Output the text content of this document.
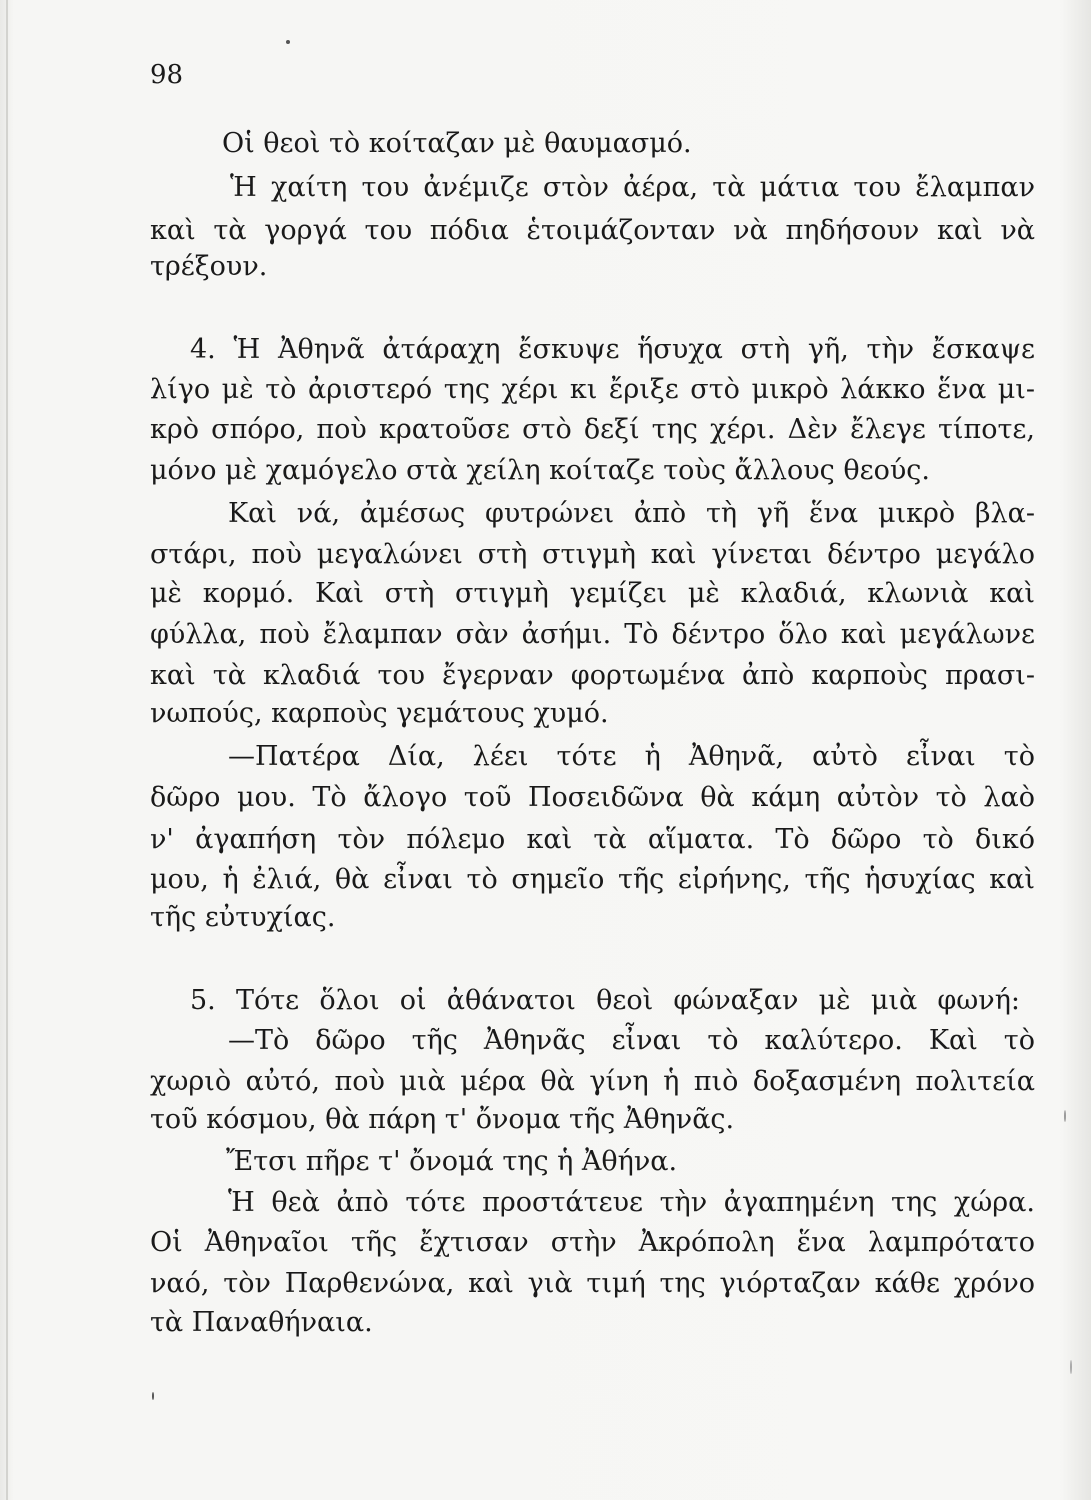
98
Οἱ θεοὶ τὸ κοίταζαν μὲ θαυμασμό.
Ἡ χαίτη του ἀνέμιζε στὸν ἀέρα, τὰ μάτια του ἔλαμπαν
καὶ τὰ γοργά του πόδια ἑτοιμάζονταν νὰ πηδήσουν καὶ νὰ
τρέξουν.
4. Ἡ Ἀθηνᾶ ἀτάραχη ἔσκυψε ἥσυχα στὴ γῆ, τὴν ἔσκαψε
λίγο μὲ τὸ ἀριστερό της χέρι κι ἔριξε στὸ μικρὸ λάκκο ἕνα μι-
κρὸ σπόρο, ποὺ κρατοῦσε στὸ δεξί της χέρι. Δὲν ἔλεγε τίποτε,
μόνο μὲ χαμόγελο στὰ χείλη κοίταζε τοὺς ἄλλους θεούς.
Καὶ νά, ἀμέσως φυτρώνει ἀπὸ τὴ γῆ ἕνα μικρὸ βλα-
στάρι, ποὺ μεγαλώνει στὴ στιγμὴ καὶ γίνεται δέντρο μεγάλο
μὲ κορμό. Καὶ στὴ στιγμὴ γεμίζει μὲ κλαδιά, κλωνιὰ καὶ
φύλλα, ποὺ ἔλαμπαν σὰν ἀσήμι. Τὸ δέντρο ὅλο καὶ μεγάλωνε
καὶ τὰ κλαδιά του ἔγερναν φορτωμένα ἀπὸ καρποὺς πρασι-
νωπούς, καρποὺς γεμάτους χυμό.
—Πατέρα Δία, λέει τότε ἡ Ἀθηνᾶ, αὐτὸ εἶναι τὸ
δῶρο μου. Τὸ ἄλογο τοῦ Ποσειδῶνα θὰ κάμη αὐτὸν τὸ λαὸ
ν' ἀγαπήση τὸν πόλεμο καὶ τὰ αἵματα. Τὸ δῶρο τὸ δικό
μου, ἡ ἐλιά, θὰ εἶναι τὸ σημεῖο τῆς εἰρήνης, τῆς ἡσυχίας καὶ
τῆς εὐτυχίας.
5. Τότε ὅλοι οἱ ἀθάνατοι θεοὶ φώναξαν μὲ μιὰ φωνή:
—Τὸ δῶρο τῆς Ἀθηνᾶς εἶναι τὸ καλύτερο. Καὶ τὸ
χωριὸ αὐτό, ποὺ μιὰ μέρα θὰ γίνη ἡ πιὸ δοξασμένη πολιτεία
τοῦ κόσμου, θὰ πάρη τ' ὄνομα τῆς Ἀθηνᾶς.
Ἔτσι πῆρε τ' ὄνομά της ἡ Ἀθήνα.
Ἡ θεὰ ἀπὸ τότε προστάτευε τὴν ἀγαπημένη της χώρα.
Οἱ Ἀθηναῖοι τῆς ἔχτισαν στὴν Ἀκρόπολη ἕνα λαμπρότατο
ναό, τὸν Παρθενώνα, καὶ γιὰ τιμή της γιόρταζαν κάθε χρόνο
τὰ Παναθήναια.
